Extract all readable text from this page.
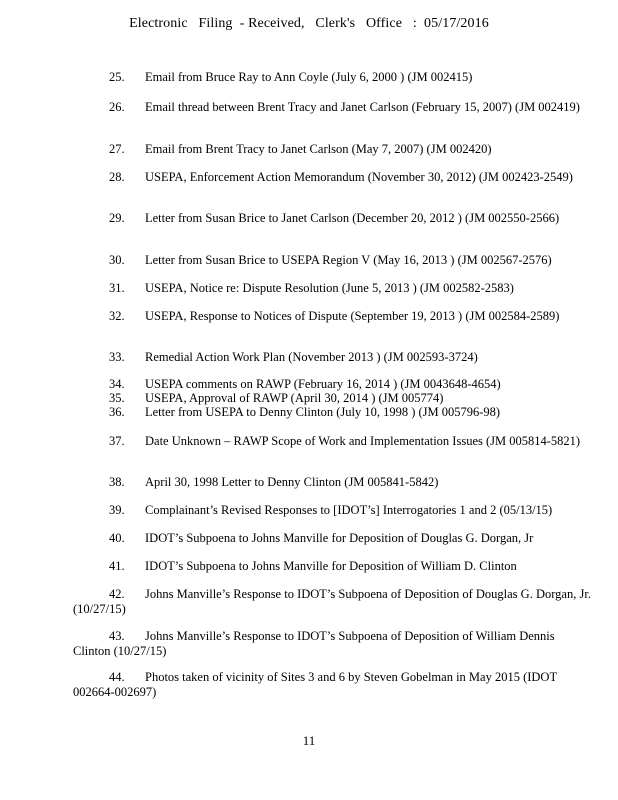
Electronic   Filing  - Received,   Clerk's   Office   :  05/17/2016
25. Email from Bruce Ray to Ann Coyle (July 6, 2000 ) (JM 002415)
26. Email thread between Brent Tracy and Janet Carlson (February 15, 2007) (JM 002419)
27. Email from Brent Tracy to Janet Carlson (May 7, 2007) (JM 002420)
28. USEPA, Enforcement Action Memorandum (November 30, 2012) (JM 002423-2549)
29. Letter from Susan Brice to Janet Carlson (December 20, 2012 ) (JM 002550-2566)
30. Letter from Susan Brice to USEPA Region V (May 16, 2013 ) (JM 002567-2576)
31. USEPA, Notice re: Dispute Resolution (June 5, 2013 ) (JM 002582-2583)
32. USEPA, Response to Notices of Dispute (September 19, 2013 ) (JM 002584-2589)
33. Remedial Action Work Plan (November 2013 ) (JM 002593-3724)
34. USEPA comments on RAWP (February 16, 2014 ) (JM 0043648-4654)
35. USEPA, Approval of RAWP (April 30, 2014 ) (JM 005774)
36. Letter from USEPA to Denny Clinton (July 10, 1998 ) (JM 005796-98)
37. Date Unknown – RAWP Scope of Work and Implementation Issues (JM 005814-5821)
38. April 30, 1998 Letter to Denny Clinton (JM 005841-5842)
39. Complainant’s Revised Responses to [IDOT’s] Interrogatories 1 and 2 (05/13/15)
40. IDOT’s Subpoena to Johns Manville for Deposition of Douglas G. Dorgan, Jr
41. IDOT’s Subpoena to Johns Manville for Deposition of William D. Clinton
42. Johns Manville’s Response to IDOT’s Subpoena of Deposition of Douglas G. Dorgan, Jr. (10/27/15)
43. Johns Manville’s Response to IDOT’s Subpoena of Deposition of William Dennis Clinton (10/27/15)
44. Photos taken of vicinity of Sites 3 and 6 by Steven Gobelman in May 2015 (IDOT 002664-002697)
11
